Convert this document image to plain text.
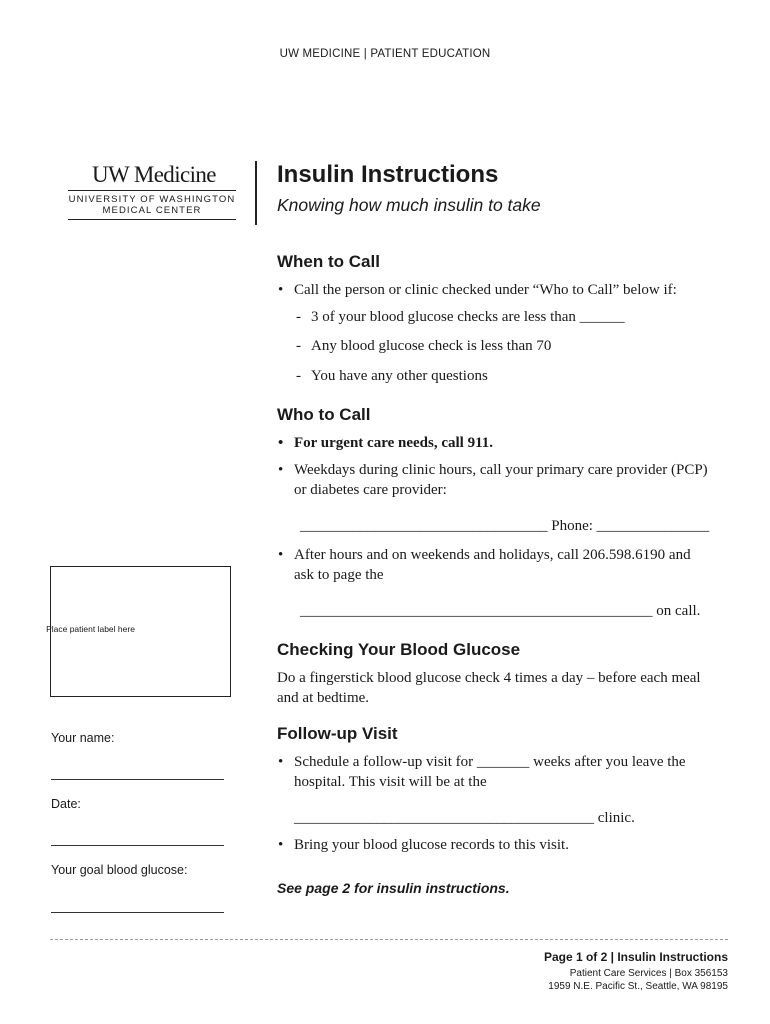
UW MEDICINE | PATIENT EDUCATION
UW Medicine
UNIVERSITY OF WASHINGTON
MEDICAL CENTER
Insulin Instructions
Knowing how much insulin to take
When to Call
• Call the person or clinic checked under “Who to Call” below if:
- 3 of your blood glucose checks are less than ______
- Any blood glucose check is less than 70
- You have any other questions
Who to Call
• For urgent care needs, call 911.
• Weekdays during clinic hours, call your primary care provider (PCP) or diabetes care provider:
_________________________________ Phone: _______________
• After hours and on weekends and holidays, call 206.598.6190 and ask to page the
_______________________________________________ on call.
Checking Your Blood Glucose
Do a fingerstick blood glucose check 4 times a day – before each meal and at bedtime.
Follow-up Visit
• Schedule a follow-up visit for _______ weeks after you leave the hospital. This visit will be at the
________________________________________ clinic.
• Bring your blood glucose records to this visit.
See page 2 for insulin instructions.
Place patient label here
Your name:
Date:
Your goal blood glucose:
Page 1 of 2 | Insulin Instructions
Patient Care Services | Box 356153
1959 N.E. Pacific St., Seattle, WA 98195
